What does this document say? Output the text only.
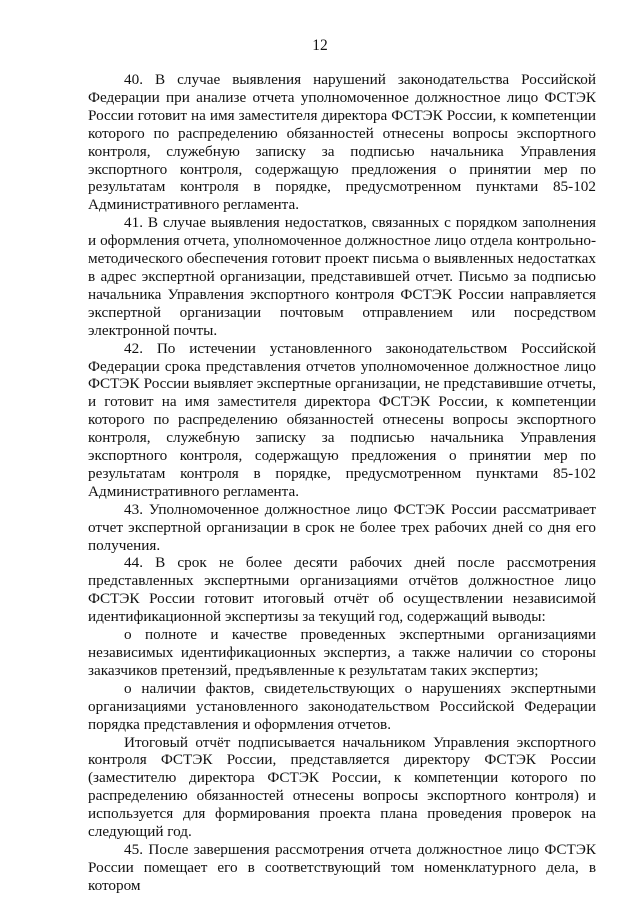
12

40. В случае выявления нарушений законодательства Российской Федерации при анализе отчета уполномоченное должностное лицо ФСТЭК России готовит на имя заместителя директора ФСТЭК России, к компетенции которого по распределению обязанностей отнесены вопросы экспортного контроля, служебную записку за подписью начальника Управления экспортного контроля, содержащую предложения о принятии мер по результатам контроля в порядке, предусмотренном пунктами 85-102 Административного регламента.

41. В случае выявления недостатков, связанных с порядком заполнения и оформления отчета, уполномоченное должностное лицо отдела контрольно-методического обеспечения готовит проект письма о выявленных недостатках в адрес экспертной организации, представившей отчет. Письмо за подписью начальника Управления экспортного контроля ФСТЭК России направляется экспертной организации почтовым отправлением или посредством электронной почты.

42. По истечении установленного законодательством Российской Федерации срока представления отчетов уполномоченное должностное лицо ФСТЭК России выявляет экспертные организации, не представившие отчеты, и готовит на имя заместителя директора ФСТЭК России, к компетенции которого по распределению обязанностей отнесены вопросы экспортного контроля, служебную записку за подписью начальника Управления экспортного контроля, содержащую предложения о принятии мер по результатам контроля в порядке, предусмотренном пунктами 85-102 Административного регламента.

43. Уполномоченное должностное лицо ФСТЭК России рассматривает отчет экспертной организации в срок не более трех рабочих дней со дня его получения.

44. В срок не более десяти рабочих дней после рассмотрения представленных экспертными организациями отчётов должностное лицо ФСТЭК России готовит итоговый отчёт об осуществлении независимой идентификационной экспертизы за текущий год, содержащий выводы:

о полноте и качестве проведенных экспертными организациями независимых идентификационных экспертиз, а также наличии со стороны заказчиков претензий, предъявленные к результатам таких экспертиз;

о наличии фактов, свидетельствующих о нарушениях экспертными организациями установленного законодательством Российской Федерации порядка представления и оформления отчетов.

Итоговый отчёт подписывается начальником Управления экспортного контроля ФСТЭК России, представляется директору ФСТЭК России (заместителю директора ФСТЭК России, к компетенции которого по распределению обязанностей отнесены вопросы экспортного контроля) и используется для формирования проекта плана проведения проверок на следующий год.

45. После завершения рассмотрения отчета должностное лицо ФСТЭК России помещает его в соответствующий том номенклатурного дела, в котором
